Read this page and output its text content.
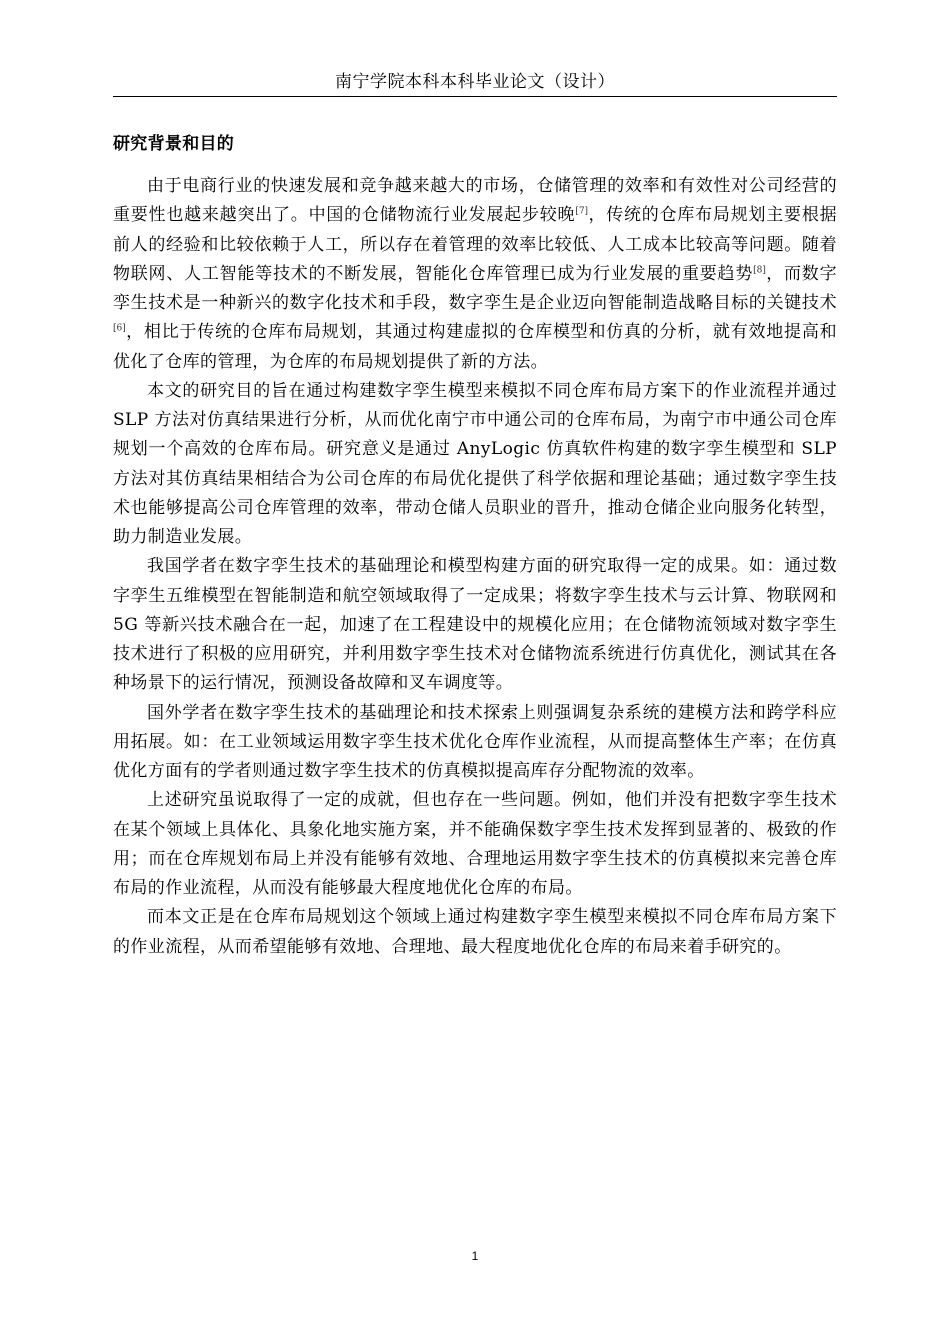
南宁学院本科本科毕业论文（设计）
研究背景和目的

由于电商行业的快速发展和竞争越来越大的市场，仓储管理的效率和有效性对公司经营的重要性也越来越突出了。中国的仓储物流行业发展起步较晚[7]，传统的仓库布局规划主要根据前人的经验和比较依赖于人工，所以存在着管理的效率比较低、人工成本比较高等问题。随着物联网、人工智能等技术的不断发展，智能化仓库管理已成为行业发展的重要趋势[8]，而数字孪生技术是一种新兴的数字化技术和手段，数字孪生是企业迈向智能制造战略目标的关键技术[6]，相比于传统的仓库布局规划，其通过构建虚拟的仓库模型和仿真的分析，就有效地提高和优化了仓库的管理，为仓库的布局规划提供了新的方法。

本文的研究目的旨在通过构建数字孪生模型来模拟不同仓库布局方案下的作业流程并通过 SLP 方法对仿真结果进行分析，从而优化南宁市中通公司的仓库布局，为南宁市中通公司仓库规划一个高效的仓库布局。研究意义是通过 AnyLogic 仿真软件构建的数字孪生模型和 SLP 方法对其仿真结果相结合为公司仓库的布局优化提供了科学依据和理论基础；通过数字孪生技术也能够提高公司仓库管理的效率，带动仓储人员职业的晋升，推动仓储企业向服务化转型，助力制造业发展。

我国学者在数字孪生技术的基础理论和模型构建方面的研究取得一定的成果。如：通过数字孪生五维模型在智能制造和航空领域取得了一定成果；将数字孪生技术与云计算、物联网和 5G 等新兴技术融合在一起，加速了在工程建设中的规模化应用；在仓储物流领域对数字孪生技术进行了积极的应用研究，并利用数字孪生技术对仓储物流系统进行仿真优化，测试其在各种场景下的运行情况，预测设备故障和叉车调度等。

国外学者在数字孪生技术的基础理论和技术探索上则强调复杂系统的建模方法和跨学科应用拓展。如：在工业领域运用数字孪生技术优化仓库作业流程，从而提高整体生产率；在仿真优化方面有的学者则通过数字孪生技术的仿真模拟提高库存分配物流的效率。

上述研究虽说取得了一定的成就，但也存在一些问题。例如，他们并没有把数字孪生技术在某个领域上具体化、具象化地实施方案，并不能确保数字孪生技术发挥到显著的、极致的作用；而在仓库规划布局上并没有能够有效地、合理地运用数字孪生技术的仿真模拟来完善仓库布局的作业流程，从而没有能够最大程度地优化仓库的布局。

而本文正是在仓库布局规划这个领域上通过构建数字孪生模型来模拟不同仓库布局方案下的作业流程，从而希望能够有效地、合理地、最大程度地优化仓库的布局来着手研究的。

1
